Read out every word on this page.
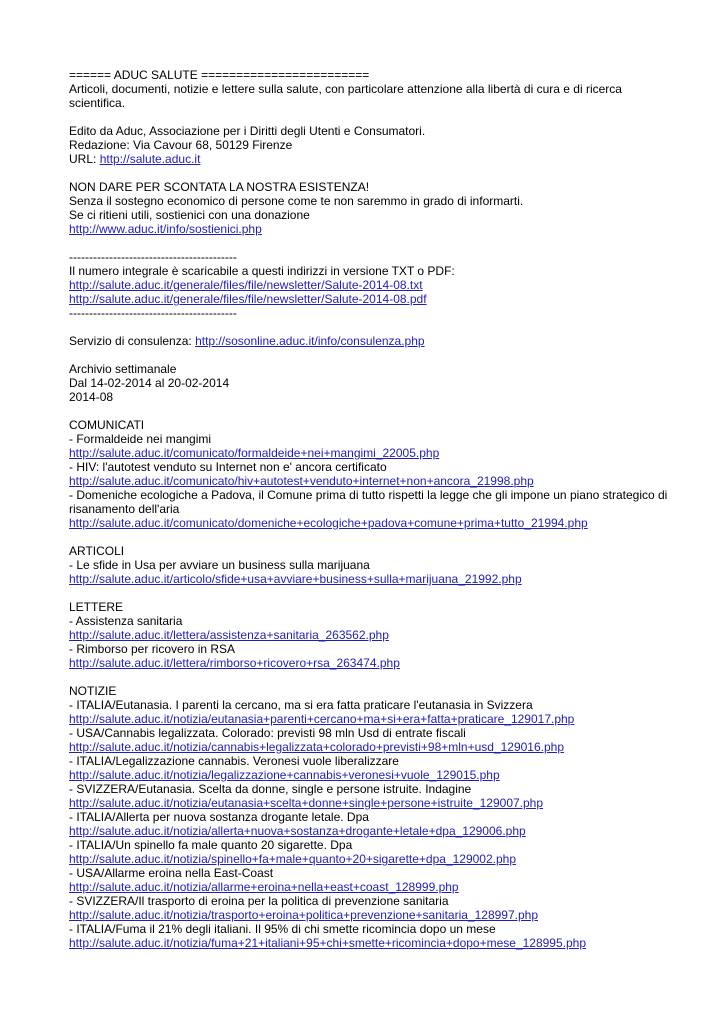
====== ADUC SALUTE ========================
Articoli, documenti, notizie e lettere sulla salute, con particolare attenzione alla libertà di cura e di ricerca scientifica.
Edito da Aduc, Associazione per i Diritti degli Utenti e Consumatori.
Redazione: Via Cavour 68, 50129 Firenze
URL: http://salute.aduc.it
NON DARE PER SCONTATA LA NOSTRA ESISTENZA!
Senza il sostegno economico di persone come te non saremmo in grado di informarti.
Se ci ritieni utili, sostienici con una donazione
http://www.aduc.it/info/sostienici.php
------------------------------------------
Il numero integrale è scaricabile a questi indirizzi in versione TXT o PDF:
http://salute.aduc.it/generale/files/file/newsletter/Salute-2014-08.txt
http://salute.aduc.it/generale/files/file/newsletter/Salute-2014-08.pdf
------------------------------------------
Servizio di consulenza: http://sosonline.aduc.it/info/consulenza.php
Archivio settimanale
Dal 14-02-2014 al 20-02-2014
2014-08
COMUNICATI
- Formaldeide nei mangimi
http://salute.aduc.it/comunicato/formaldeide+nei+mangimi_22005.php
- HIV: l'autotest venduto su Internet non e' ancora certificato
http://salute.aduc.it/comunicato/hiv+autotest+venduto+internet+non+ancora_21998.php
- Domeniche ecologiche a Padova, il Comune prima di tutto rispetti la legge che gli impone un piano strategico di risanamento dell'aria
http://salute.aduc.it/comunicato/domeniche+ecologiche+padova+comune+prima+tutto_21994.php
ARTICOLI
- Le sfide in Usa per avviare un business sulla marijuana
http://salute.aduc.it/articolo/sfide+usa+avviare+business+sulla+marijuana_21992.php
LETTERE
- Assistenza sanitaria
http://salute.aduc.it/lettera/assistenza+sanitaria_263562.php
- Rimborso per ricovero in RSA
http://salute.aduc.it/lettera/rimborso+ricovero+rsa_263474.php
NOTIZIE
- ITALIA/Eutanasia. I parenti la cercano, ma si era fatta praticare l'eutanasia in Svizzera
http://salute.aduc.it/notizia/eutanasia+parenti+cercano+ma+si+era+fatta+praticare_129017.php
- USA/Cannabis legalizzata. Colorado: previsti 98 mln Usd di entrate fiscali
http://salute.aduc.it/notizia/cannabis+legalizzata+colorado+previsti+98+mln+usd_129016.php
- ITALIA/Legalizzazione cannabis. Veronesi vuole liberalizzare
http://salute.aduc.it/notizia/legalizzazione+cannabis+veronesi+vuole_129015.php
- SVIZZERA/Eutanasia. Scelta da donne, single e persone istruite. Indagine
http://salute.aduc.it/notizia/eutanasia+scelta+donne+single+persone+istruite_129007.php
- ITALIA/Allerta per nuova sostanza drogante letale. Dpa
http://salute.aduc.it/notizia/allerta+nuova+sostanza+drogante+letale+dpa_129006.php
- ITALIA/Un spinello fa male quanto 20 sigarette. Dpa
http://salute.aduc.it/notizia/spinello+fa+male+quanto+20+sigarette+dpa_129002.php
- USA/Allarme eroina nella East-Coast
http://salute.aduc.it/notizia/allarme+eroina+nella+east+coast_128999.php
- SVIZZERA/Il trasporto di eroina per la politica di prevenzione sanitaria
http://salute.aduc.it/notizia/trasporto+eroina+politica+prevenzione+sanitaria_128997.php
- ITALIA/Fuma il 21% degli italiani. Il 95% di chi smette ricomincia dopo un mese
http://salute.aduc.it/notizia/fuma+21+italiani+95+chi+smette+ricomincia+dopo+mese_128995.php
